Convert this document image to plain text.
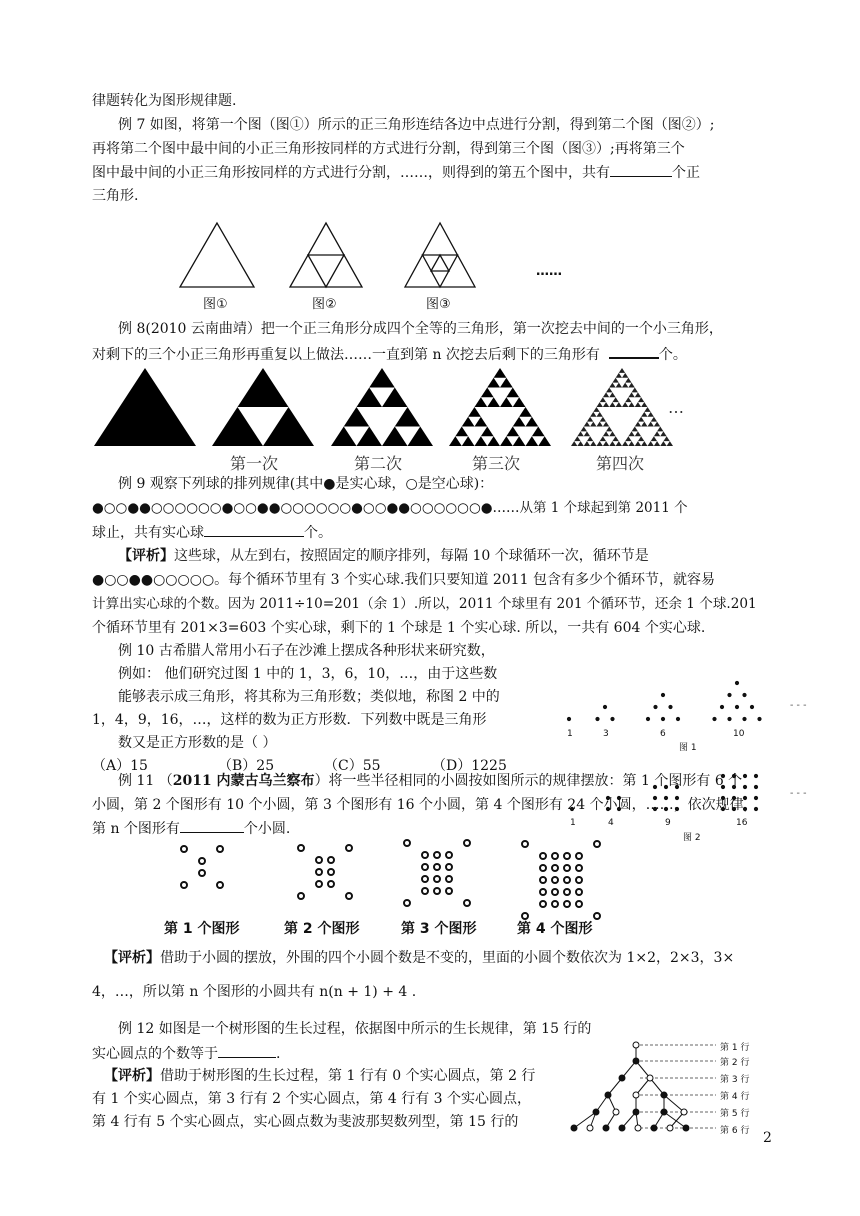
律题转化为图形规律题.
例 7 如图，将第一个图（图①）所示的正三角形连结各边中点进行分割，得到第二个图（图②）;
再将第二个图中最中间的小正三角形按同样的方式进行分割，得到第三个图（图③）;再将第三个
图中最中间的小正三角形按同样的方式进行分割，……，则得到的第五个图中，共有	个正
三角形.
图①	图②	图③
……
例 8(2010 云南曲靖）把一个正三角形分成四个全等的三角形，第一次挖去中间的一个小三角形，
对剩下的三个小正三角形再重复以上做法……一直到第 n 次挖去后剩下的三角形有	个。
第一次	第二次	第三次	第四次
…
例 9 观察下列球的排列规律(其中●是实心球，○是空心球)：
●○○●●○○○○○○●○○●●○○○○○○●○○●●○○○○○○●……从第 1 个球起到第 2011 个
球止，共有实心球	个。
【评析】这些球，从左到右，按照固定的顺序排列，每隔 10 个球循环一次，循环节是
●○○●●○○○○○。每个循环节里有 3 个实心球.我们只要知道 2011 包含有多少个循环节，就容易
计算出实心球的个数。因为 2011÷10=201（余 1）.所以，2011 个球里有 201 个循环节，还余 1 个球.201
个循环节里有 201×3=603 个实心球，剩下的 1 个球是 1 个实心球. 所以，一共有 604 个实心球.
例 10 古希腊人常用小石子在沙滩上摆成各种形状来研究数，
例如： 他们研究过图 1 中的 1，3，6，10，…，由于这些数
能够表示成三角形，将其称为三角形数；类似地，称图 2 中的
1，4，9，16，…，这样的数为正方形数．下列数中既是三角形
数又是正方形数的是（ ）
（A）15	（B）25	（C）55	（D）1225
- - -
- - -
1	3	6	10
图 1
1	4	9	16
图 2
例 11 （2011 内蒙古乌兰察布）将一些半径相同的小圆按如图所示的规律摆放：第 1 个图形有 6 个
小圆，第 2 个图形有 10 个小圆，第 3 个图形有 16 个小圆，第 4 个图形有 24 个小圆，……，依次规律，
第 n 个图形有	个小圆.
第 1 个图形	第 2 个图形	第 3 个图形	第 4 个图形
【评析】借助于小圆的摆放，外围的四个小圆个数是不变的，里面的小圆个数依次为 1×2，2×3，3×
4，…，所以第 n 个图形的小圆共有 n(n + 1) + 4 .
例 12 如图是一个树形图的生长过程，依据图中所示的生长规律，第 15 行的
实心圆点的个数等于	.
【评析】借助于树形图的生长过程，第 1 行有 0 个实心圆点，第 2 行
有 1 个实心圆点，第 3 行有 2 个实心圆点，第 4 行有 3 个实心圆点，
第 4 行有 5 个实心圆点，实心圆点数为斐波那契数列型，第 15 行的
第 1 行
第 2 行
第 3 行
第 4 行
第 5 行
第 6 行 2
